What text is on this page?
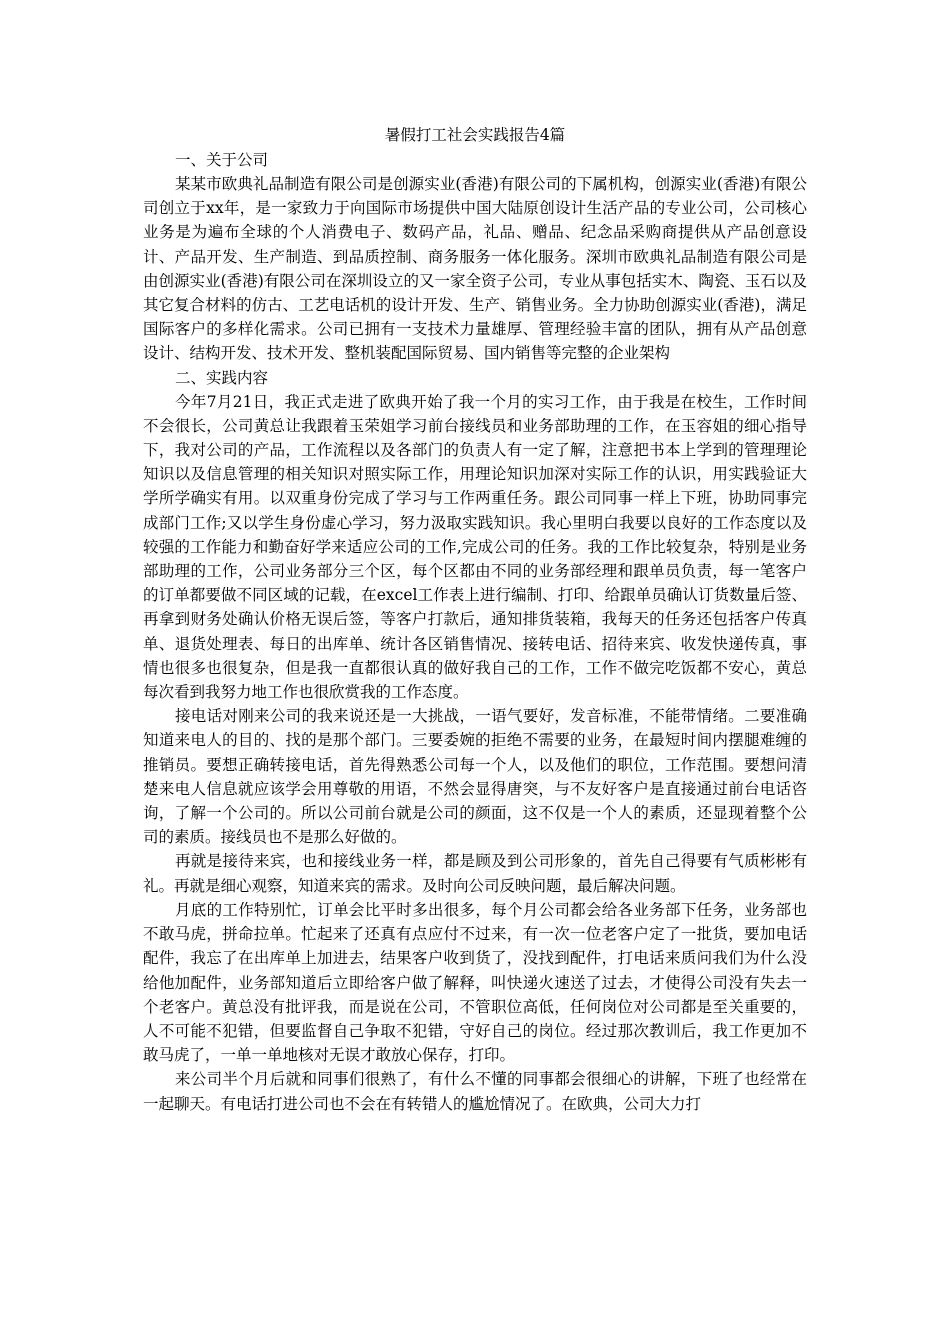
暑假打工社会实践报告4篇
一、关于公司

某某市欧典礼品制造有限公司是创源实业(香港)有限公司的下属机构，创源实业(香港)有限公司创立于xx年，是一家致力于向国际市场提供中国大陆原创设计生活产品的专业公司，公司核心业务是为遍布全球的个人消费电子、数码产品，礼品、赠品、纪念品采购商提供从产品创意设计、产品开发、生产制造、到品质控制、商务服务一体化服务。深圳市欧典礼品制造有限公司是由创源实业(香港)有限公司在深圳设立的又一家全资子公司，专业从事包括实木、陶瓷、玉石以及其它复合材料的仿古、工艺电话机的设计开发、生产、销售业务。全力协助创源实业(香港)，满足国际客户的多样化需求。公司已拥有一支技术力量雄厚、管理经验丰富的团队，拥有从产品创意设计、结构开发、技术开发、整机装配国际贸易、国内销售等完整的企业架构

二、实践内容

今年7月21日，我正式走进了欧典开始了我一个月的实习工作，由于我是在校生，工作时间不会很长，公司黄总让我跟着玉荣姐学习前台接线员和业务部助理的工作，在玉容姐的细心指导下，我对公司的产品，工作流程以及各部门的负责人有一定了解，注意把书本上学到的管理理论知识以及信息管理的相关知识对照实际工作，用理论知识加深对实际工作的认识，用实践验证大学所学确实有用。以双重身份完成了学习与工作两重任务。跟公司同事一样上下班，协助同事完成部门工作;又以学生身份虚心学习，努力汲取实践知识。我心里明白我要以良好的工作态度以及较强的工作能力和勤奋好学来适应公司的工作,完成公司的任务。我的工作比较复杂，特别是业务部助理的工作，公司业务部分三个区，每个区都由不同的业务部经理和跟单员负责，每一笔客户的订单都要做不同区域的记载，在excel工作表上进行编制、打印、给跟单员确认订货数量后签、再拿到财务处确认价格无误后签，等客户打款后，通知排货装箱，我每天的任务还包括客户传真单、退货处理表、每日的出库单、统计各区销售情况、接转电话、招待来宾、收发快递传真，事情也很多也很复杂，但是我一直都很认真的做好我自己的工作，工作不做完吃饭都不安心，黄总每次看到我努力地工作也很欣赏我的工作态度。

接电话对刚来公司的我来说还是一大挑战，一语气要好，发音标准，不能带情绪。二要准确知道来电人的目的、找的是那个部门。三要委婉的拒绝不需要的业务，在最短时间内摆腿难缠的推销员。要想正确转接电话，首先得熟悉公司每一个人，以及他们的职位，工作范围。要想问清楚来电人信息就应该学会用尊敬的用语，不然会显得唐突，与不友好客户是直接通过前台电话咨询，了解一个公司的。所以公司前台就是公司的颜面，这不仅是一个人的素质，还显现着整个公司的素质。接线员也不是那么好做的。

再就是接待来宾，也和接线业务一样，都是顾及到公司形象的，首先自己得要有气质彬彬有礼。再就是细心观察，知道来宾的需求。及时向公司反映问题，最后解决问题。

月底的工作特别忙，订单会比平时多出很多，每个月公司都会给各业务部下任务，业务部也不敢马虎，拼命拉单。忙起来了还真有点应付不过来，有一次一位老客户定了一批货，要加电话配件，我忘了在出库单上加进去，结果客户收到货了，没找到配件，打电话来质问我们为什么没给他加配件，业务部知道后立即给客户做了解释，叫快递火速送了过去，才使得公司没有失去一个老客户。黄总没有批评我，而是说在公司，不管职位高低，任何岗位对公司都是至关重要的，人不可能不犯错，但要监督自己争取不犯错，守好自己的岗位。经过那次教训后，我工作更加不敢马虎了，一单一单地核对无误才敢放心保存，打印。

来公司半个月后就和同事们很熟了，有什么不懂的同事都会很细心的讲解，下班了也经常在一起聊天。有电话打进公司也不会在有转错人的尴尬情况了。在欧典，公司大力打
